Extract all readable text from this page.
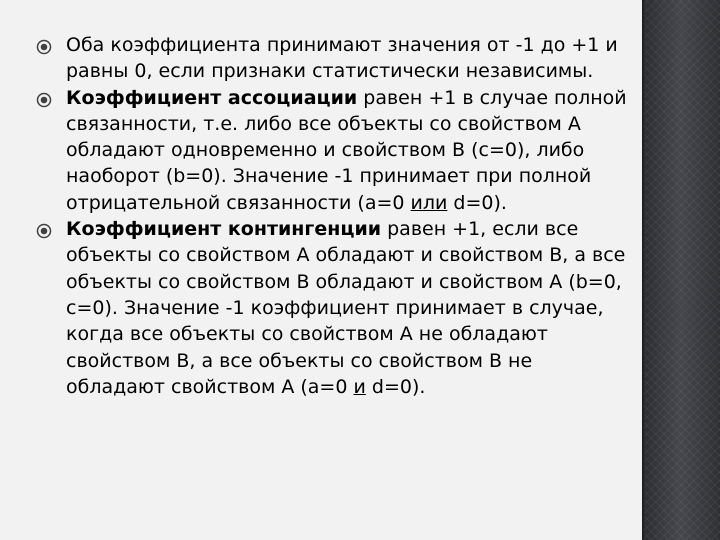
Оба коэффициента принимают значения от -1 до +1 и равны 0, если признаки статистически независимы.
Коэффициент ассоциации равен +1 в случае полной связанности, т.е. либо все объекты со свойством А обладают одновременно и свойством В (с=0), либо наоборот (b=0). Значение -1 принимает при полной отрицательной связанности (а=0 или d=0).
Коэффициент контингенции равен +1, если все объекты со свойством А обладают и свойством В, а все объекты со свойством В обладают и свойством А (b=0, c=0). Значение -1 коэффициент принимает в случае, когда все объекты со свойством А не обладают свойством В, а все объекты со свойством В не обладают свойством А (a=0 и d=0).
